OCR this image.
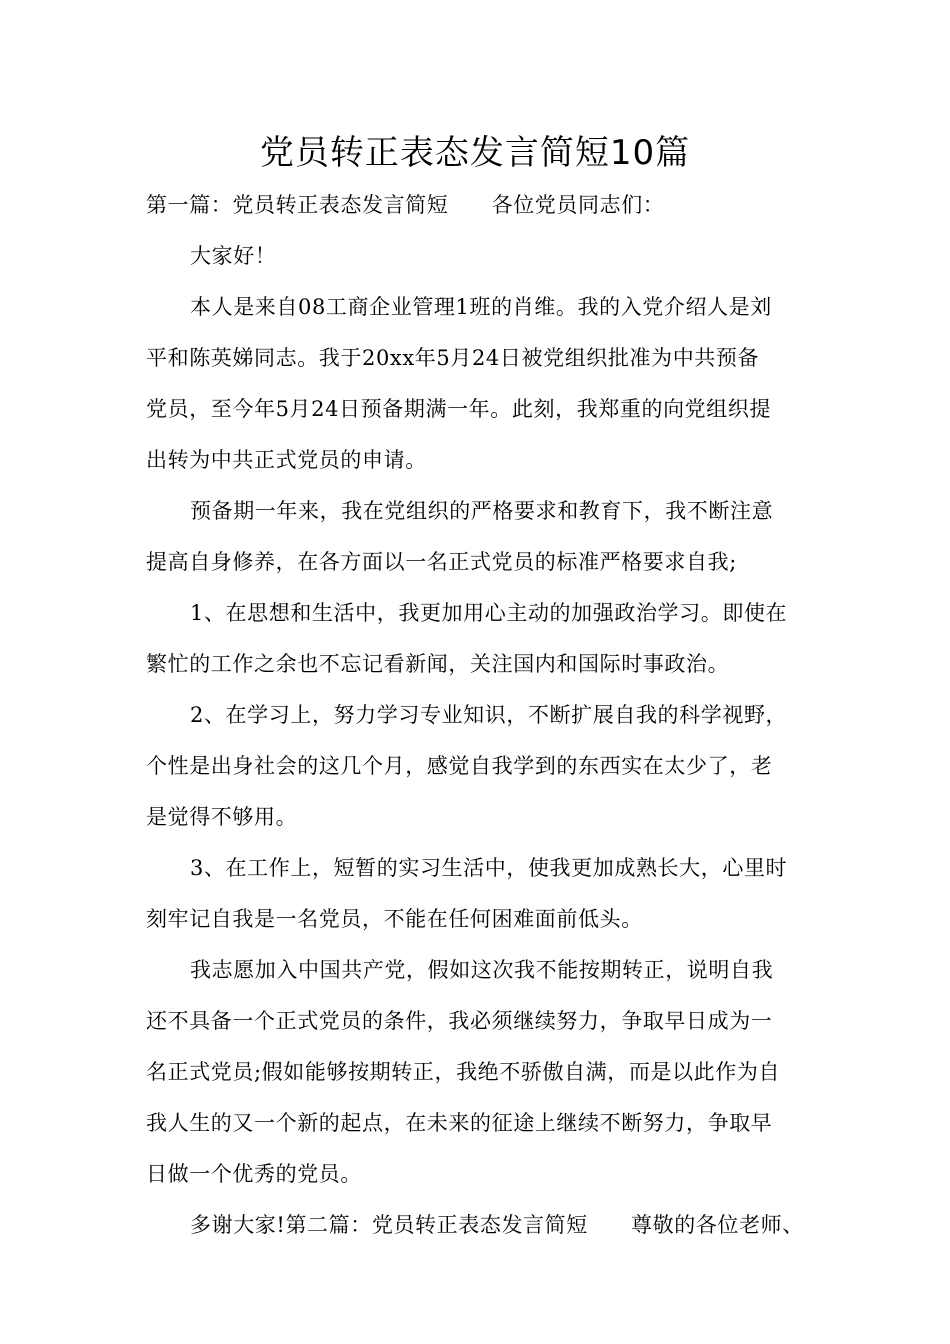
党员转正表态发言简短10篇
第一篇：党员转正表态发言简短　　各位党员同志们：
大家好！
本人是来自08工商企业管理1班的肖维。我的入党介绍人是刘
平和陈英娣同志。我于20xx年5月24日被党组织批准为中共预备
党员，至今年5月24日预备期满一年。此刻，我郑重的向党组织提
出转为中共正式党员的申请。
预备期一年来，我在党组织的严格要求和教育下，我不断注意
提高自身修养，在各方面以一名正式党员的标准严格要求自我;
1、在思想和生活中，我更加用心主动的加强政治学习。即使在
繁忙的工作之余也不忘记看新闻，关注国内和国际时事政治。
2、在学习上，努力学习专业知识，不断扩展自我的科学视野，
个性是出身社会的这几个月，感觉自我学到的东西实在太少了，老
是觉得不够用。
3、在工作上，短暂的实习生活中，使我更加成熟长大，心里时
刻牢记自我是一名党员，不能在任何困难面前低头。
我志愿加入中国共产党，假如这次我不能按期转正，说明自我
还不具备一个正式党员的条件，我必须继续努力，争取早日成为一
名正式党员;假如能够按期转正，我绝不骄傲自满，而是以此作为自
我人生的又一个新的起点，在未来的征途上继续不断努力，争取早
日做一个优秀的党员。
多谢大家!第二篇：党员转正表态发言简短　　尊敬的各位老师、
